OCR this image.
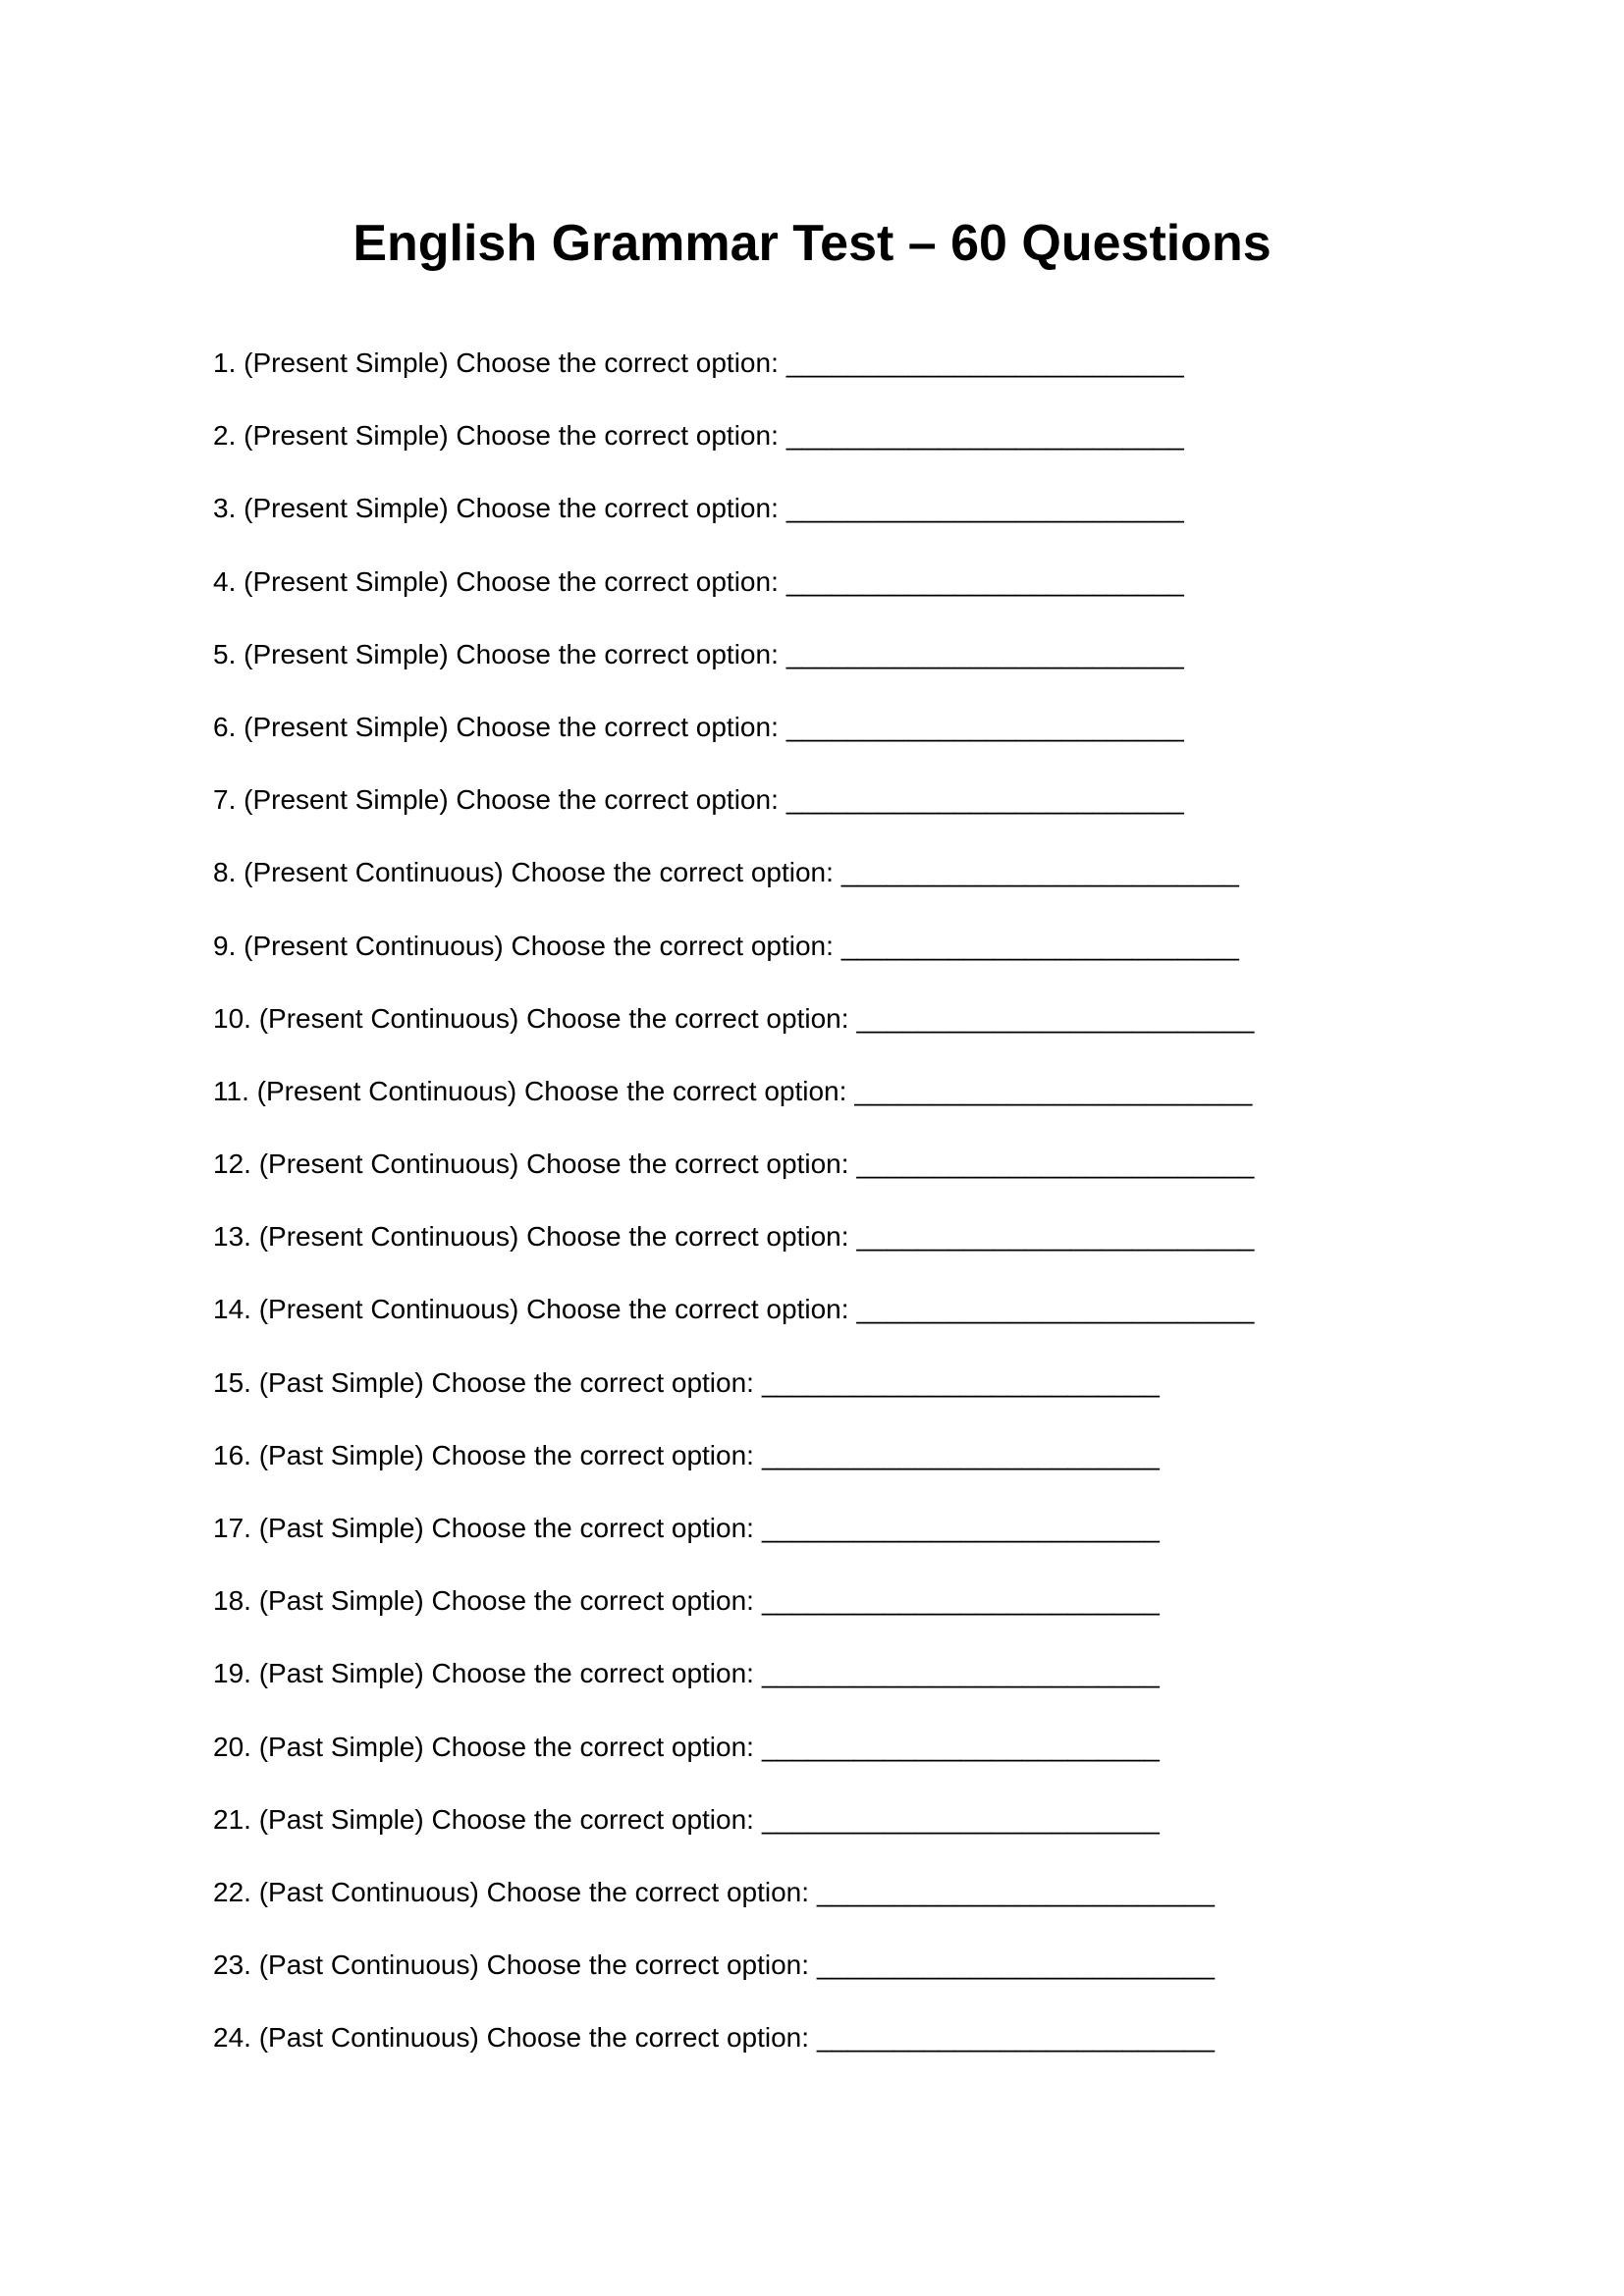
English Grammar Test – 60 Questions
1. (Present Simple) Choose the correct option: __________________________
2. (Present Simple) Choose the correct option: __________________________
3. (Present Simple) Choose the correct option: __________________________
4. (Present Simple) Choose the correct option: __________________________
5. (Present Simple) Choose the correct option: __________________________
6. (Present Simple) Choose the correct option: __________________________
7. (Present Simple) Choose the correct option: __________________________
8. (Present Continuous) Choose the correct option: __________________________
9. (Present Continuous) Choose the correct option: __________________________
10. (Present Continuous) Choose the correct option: __________________________
11. (Present Continuous) Choose the correct option: __________________________
12. (Present Continuous) Choose the correct option: __________________________
13. (Present Continuous) Choose the correct option: __________________________
14. (Present Continuous) Choose the correct option: __________________________
15. (Past Simple) Choose the correct option: __________________________
16. (Past Simple) Choose the correct option: __________________________
17. (Past Simple) Choose the correct option: __________________________
18. (Past Simple) Choose the correct option: __________________________
19. (Past Simple) Choose the correct option: __________________________
20. (Past Simple) Choose the correct option: __________________________
21. (Past Simple) Choose the correct option: __________________________
22. (Past Continuous) Choose the correct option: __________________________
23. (Past Continuous) Choose the correct option: __________________________
24. (Past Continuous) Choose the correct option: __________________________
